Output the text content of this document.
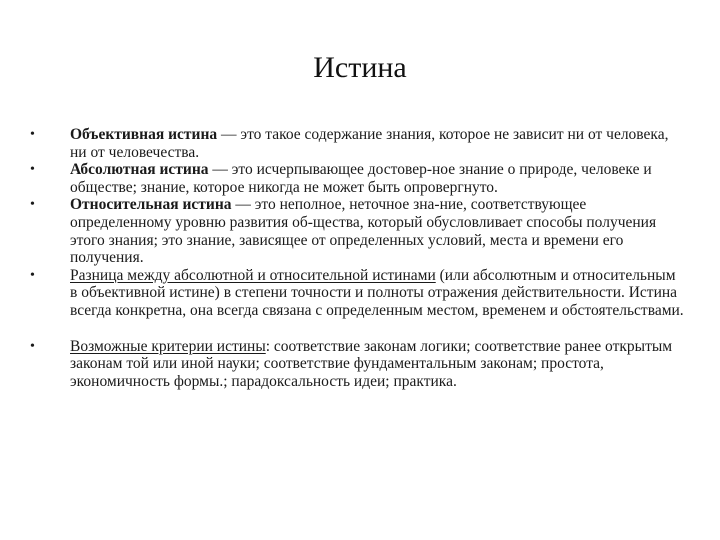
Истина
• Объективная истина — это такое содержание знания, которое не зависит ни от человека, ни от человечества.
• Абсолютная истина — это исчерпывающее достовер-ное знание о природе, человеке и обществе; знание, которое никогда не может быть опровергнуто.
• Относительная истина — это неполное, неточное зна-ние, соответствующее определенному уровню развития об-щества, который обусловливает способы получения этого знания; это знание, зависящее от определенных условий, места и времени его получения.
• Разница между абсолютной и относительной истинами (или абсолютным и относительным в объективной истине) в степени точности и полноты отражения действительности. Истина всегда конкретна, она всегда связана с определенным местом, временем и обстоятельствами.
• Возможные критерии истины: соответствие законам логики; соответствие ранее открытым законам той или иной науки; соответствие фундаментальным законам; простота, экономичность формы.; парадоксальность идеи; практика.
